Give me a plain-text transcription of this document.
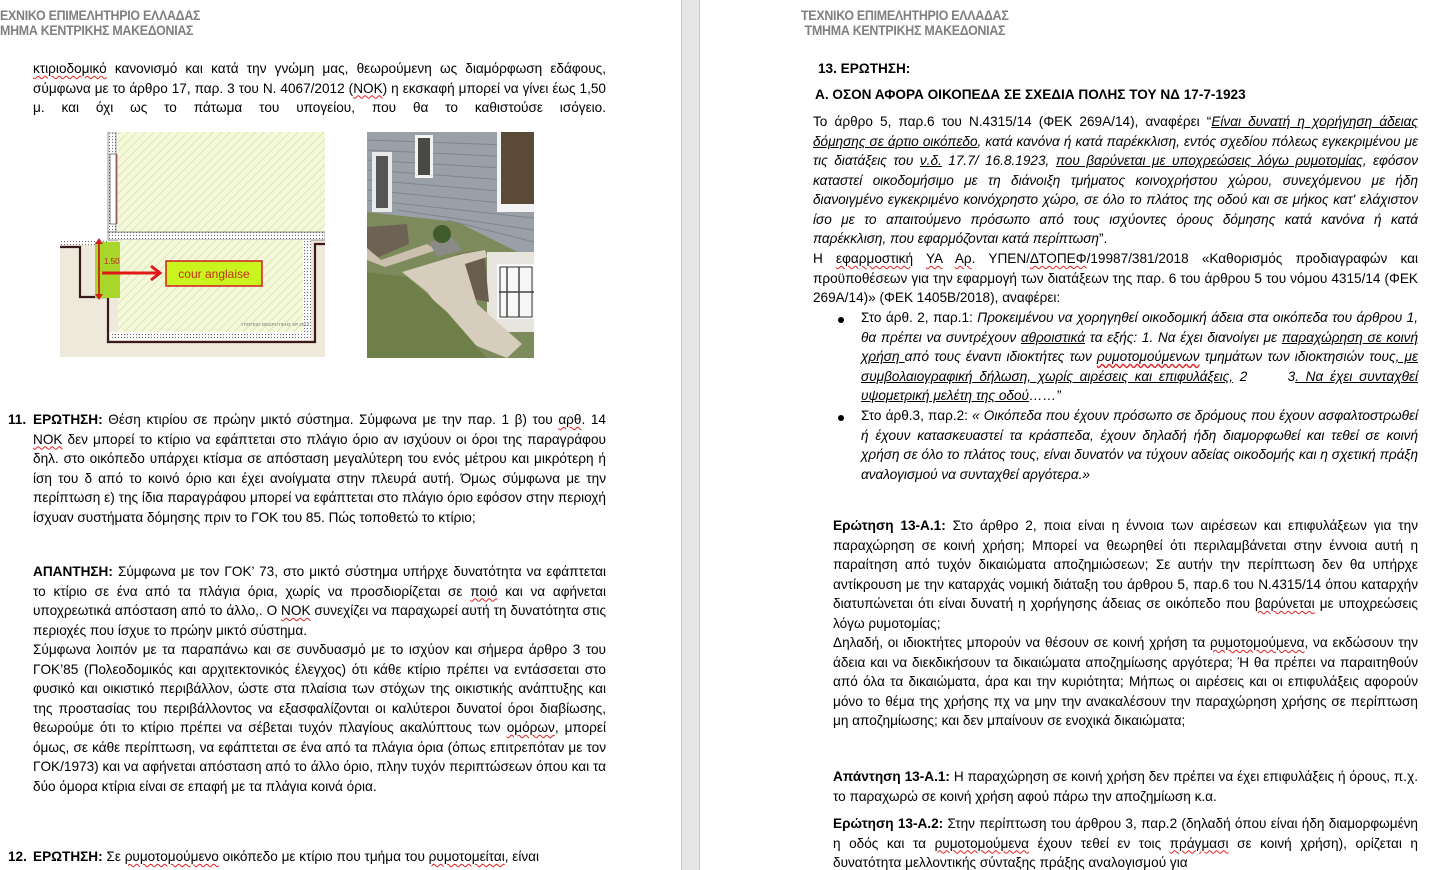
ΕΧΝΙΚΟ ΕΠΙΜΕΛΗΤΗΡΙΟ ΕΛΛΑΔΑΣ
ΜΗΜΑ ΚΕΝΤΡΙΚΗΣ ΜΑΚΕΔΟΝΙΑΣ
κτιριοδομικό κανονισμό και κατά την γνώμη μας, θεωρούμενη ως διαμόρφωση εδάφους, σύμφωνα με το άρθρο 17, παρ. 3 του Ν. 4067/2012 (ΝΟΚ) η εκσκαφή μπορεί να γίνει έως 1,50 μ. και όχι ως το πάτωμα του υπογείου, που θα το καθιστούσε ισόγειο.
1.50
cour anglaise
ΥΠΟΓΕΙΟ ΘΕΩΡΗΤΙΚΗΣ ΧΡ 2012
11. ΕΡΩΤΗΣΗ: Θέση κτιρίου σε πρώην μικτό σύστημα. Σύμφωνα με την παρ. 1 β) του αρθ. 14 ΝΟΚ δεν μπορεί το κτίριο να εφάπτεται στο πλάγιο όριο αν ισχύουν οι όροι της παραγράφου δηλ. στο οικόπεδο υπάρχει κτίσμα σε απόσταση μεγαλύτερη του ενός μέτρου και μικρότερη ή ίση του δ από το κοινό όριο και έχει ανοίγματα στην πλευρά αυτή. Όμως σύμφωνα με την περίπτωση ε) της ίδια παραγράφου μπορεί να εφάπτεται στο πλάγιο όριο εφόσον στην περιοχή ίσχυαν συστήματα δόμησης πριν το ΓΟΚ του 85. Πώς τοποθετώ το κτίριο;
ΑΠΑΝΤΗΣΗ: Σύμφωνα με τον ΓΟΚ’ 73, στο μικτό σύστημα υπήρχε δυνατότητα να εφάπτεται το κτίριο σε ένα από τα πλάγια όρια, χωρίς να προσδιορίζεται σε ποιό και να αφήνεται υποχρεωτικά απόσταση από το άλλο,. Ο ΝΟΚ συνεχίζει να παραχωρεί αυτή τη δυνατότητα στις περιοχές που ίσχυε το πρώην μικτό σύστημα.
Σύμφωνα λοιπόν με τα παραπάνω και σε συνδυασμό με το ισχύον και σήμερα άρθρο 3 του ΓΟΚ’85 (Πολεοδομικός και αρχιτεκτονικός έλεγχος) ότι κάθε κτίριο πρέπει να εντάσσεται στο φυσικό και οικιστικό περιβάλλον, ώστε στα πλαίσια των στόχων της οικιστικής ανάπτυξης και της προστασίας του περιβάλλοντος να εξασφαλίζονται οι καλύτεροι δυνατοί όροι διαβίωσης, θεωρούμε ότι το κτίριο πρέπει να σέβεται τυχόν πλαγίους ακαλύπτους των ομόρων, μπορεί όμως, σε κάθε περίπτωση, να εφάπτεται σε ένα από τα πλάγια όρια (όπως επιτρεπόταν με τον ΓΟΚ/1973) και να αφήνεται απόσταση από το άλλο όριο, πλην τυχόν περιπτώσεων όπου και τα δύο όμορα κτίρια είναι σε επαφή με τα πλάγια κοινά όρια.
12. ΕΡΩΤΗΣΗ: Σε ρυμοτομούμενο οικόπεδο με κτίριο που τμήμα του ρυμοτομείται, είναι
ΤΕΧΝΙΚΟ ΕΠΙΜΕΛΗΤΗΡΙΟ ΕΛΛΑΔΑΣ
ΤΜΗΜΑ ΚΕΝΤΡΙΚΗΣ ΜΑΚΕΔΟΝΙΑΣ
13. ΕΡΩΤΗΣΗ:
Α. ΟΣΟΝ ΑΦΟΡΑ ΟΙΚΟΠΕΔΑ ΣΕ ΣΧΕΔΙΑ ΠΟΛΗΣ ΤΟΥ ΝΔ 17-7-1923
Το άρθρο 5, παρ.6 του Ν.4315/14 (ΦΕΚ 269Α/14), αναφέρει “Είναι δυνατή η χορήγηση άδειας δόμησης σε άρτιο οικόπεδο, κατά κανόνα ή κατά παρέκκλιση, εντός σχεδίου πόλεως εγκεκριμένου με τις διατάξεις του ν.δ. 17.7/ 16.8.1923, που βαρύνεται με υποχρεώσεις λόγω ρυμοτομίας, εφόσον καταστεί οικοδομήσιμο με τη διάνοιξη τμήματος κοινοχρήστου χώρου, συνεχόμενου με ήδη διανοιγμένο εγκεκριμένο κοινόχρηστο χώρο, σε όλο το πλάτος της οδού και σε μήκος κατ' ελάχιστον ίσο με το απαιτούμενο πρόσωπο από τους ισχύοντες όρους δόμησης κατά κανόνα ή κατά παρέκκλιση, που εφαρμόζονται κατά περίπτωση”.
Η εφαρμοστική ΥΑ Αρ. ΥΠΕΝ/ΔΤΟΠΕΦ/19987/381/2018 «Καθορισμός προδιαγραφών και προϋποθέσεων για την εφαρμογή των διατάξεων της παρ. 6 του άρθρου 5 του νόμου 4315/14 (ΦΕΚ 269Α/14)» (ΦΕΚ 1405Β/2018), αναφέρει:
Στο άρθ. 2, παρ.1: Προκειμένου να χορηγηθεί οικοδομική άδεια στα οικόπεδα του άρθρου 1, θα πρέπει να συντρέχουν αθροιστικά τα εξής: 1. Να έχει διανοίγει με παραχώρηση σε κοινή χρήση από τους έναντι ιδιοκτήτες των ρυμοτομούμενων τμημάτων των ιδιοκτησιών τους, με συμβολαιογραφική δήλωση, χωρίς αιρέσεις και επιφυλάξεις, 2      3. Να έχει συνταχθεί υψομετρική μελέτη της οδού……”
Στο άρθ.3, παρ.2: « Οικόπεδα που έχουν πρόσωπο σε δρόμους που έχουν ασφαλτοστρωθεί ή έχουν κατασκευαστεί τα κράσπεδα, έχουν δηλαδή ήδη διαμορφωθεί και τεθεί σε κοινή χρήση σε όλο το πλάτος τους, είναι δυνατόν να τύχουν αδείας οικοδομής και η σχετική πράξη αναλογισμού να συνταχθεί αργότερα.»
Ερώτηση 13-Α.1: Στο άρθρο 2, ποια είναι η έννοια των αιρέσεων και επιφυλάξεων για την παραχώρηση σε κοινή χρήση; Μπορεί να θεωρηθεί ότι περιλαμβάνεται στην έννοια αυτή η παραίτηση από τυχόν δικαιώματα αποζημιώσεων; Σε αυτήν την περίπτωση δεν θα υπήρχε αντίκρουση με την καταρχάς νομική διάταξη του άρθρου 5, παρ.6 του Ν.4315/14 όπου καταρχήν διατυπώνεται ότι είναι δυνατή η χορήγησης άδειας σε οικόπεδο που βαρύνεται με υποχρεώσεις λόγω ρυμοτομίας;
Δηλαδή, οι ιδιοκτήτες μπορούν να θέσουν σε κοινή χρήση τα ρυμοτομούμενα, να εκδώσουν την άδεια και να διεκδικήσουν τα δικαιώματα αποζημίωσης αργότερα; Ή θα πρέπει να παραιτηθούν από όλα τα δικαιώματα, άρα και την κυριότητα; Μήπως οι αιρέσεις και οι επιφυλάξεις αφορούν μόνο το θέμα της χρήσης πχ να μην την ανακαλέσουν την παραχώρηση χρήσης σε περίπτωση μη αποζημίωσης; και δεν μπαίνουν σε ενοχικά δικαιώματα;
Απάντηση 13-Α.1: Η παραχώρηση σε κοινή χρήση δεν πρέπει να έχει επιφυλάξεις ή όρους, π.χ. το παραχωρώ σε κοινή χρήση αφού πάρω την αποζημίωση κ.α.
Ερώτηση 13-Α.2: Στην περίπτωση του άρθρου 3, παρ.2 (δηλαδή όπου είναι ήδη διαμορφωμένη η οδός και τα ρυμοτομούμενα έχουν τεθεί εν τοις πράγμασι σε κοινή χρήση), ορίζεται η δυνατότητα μελλοντικής σύνταξης πράξης αναλογισμού για
